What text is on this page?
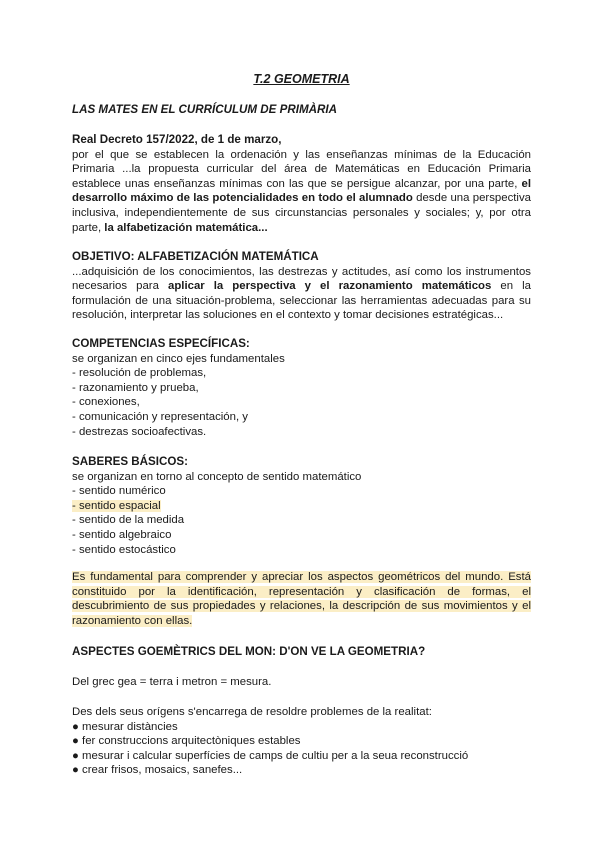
T.2 GEOMETRIA
LAS MATES EN EL CURRÍCULUM DE PRIMÀRIA
Real Decreto 157/2022, de 1 de marzo,

por el que se establecen la ordenación y las enseñanzas mínimas de la Educación Primaria ...la propuesta curricular del área de Matemáticas en Educación Primaria establece unas enseñanzas mínimas con las que se persigue alcanzar, por una parte, el desarrollo máximo de las potencialidades en todo el alumnado desde una perspectiva inclusiva, independientemente de sus circunstancias personales y sociales; y, por otra parte, la alfabetización matemática...

OBJETIVO: ALFABETIZACIÓN MATEMÁTICA

...adquisición de los conocimientos, las destrezas y actitudes, así como los instrumentos necesarios para aplicar la perspectiva y el razonamiento matemáticos en la formulación de una situación-problema, seleccionar las herramientas adecuadas para su resolución, interpretar las soluciones en el contexto y tomar decisiones estratégicas...

COMPETENCIAS ESPECÍFICAS:
se organizan en cinco ejes fundamentales
- resolución de problemas,
- razonamiento y prueba,
- conexiones,
- comunicación y representación, y
- destrezas socioafectivas.
SABERES BÁSICOS:
se organizan en torno al concepto de sentido matemático
- sentido numérico
- sentido espacial
- sentido de la medida
- sentido algebraico
- sentido estocástico

Es fundamental para comprender y apreciar los aspectos geométricos del mundo. Está constituido por la identificación, representación y clasificación de formas, el descubrimiento de sus propiedades y relaciones, la descripción de sus movimientos y el razonamiento con ellas.

ASPECTES GOEMÈTRICS DEL MON: D'ON VE LA GEOMETRIA?

Del grec gea = terra i metron = mesura.

Des dels seus orígens s'encarrega de resoldre problemes de la realitat:

● mesurar distàncies
● fer construccions arquitectòniques estables
● mesurar i calcular superfícies de camps de cultiu per a la seua reconstrucció
● crear frisos, mosaics, sanefes...
